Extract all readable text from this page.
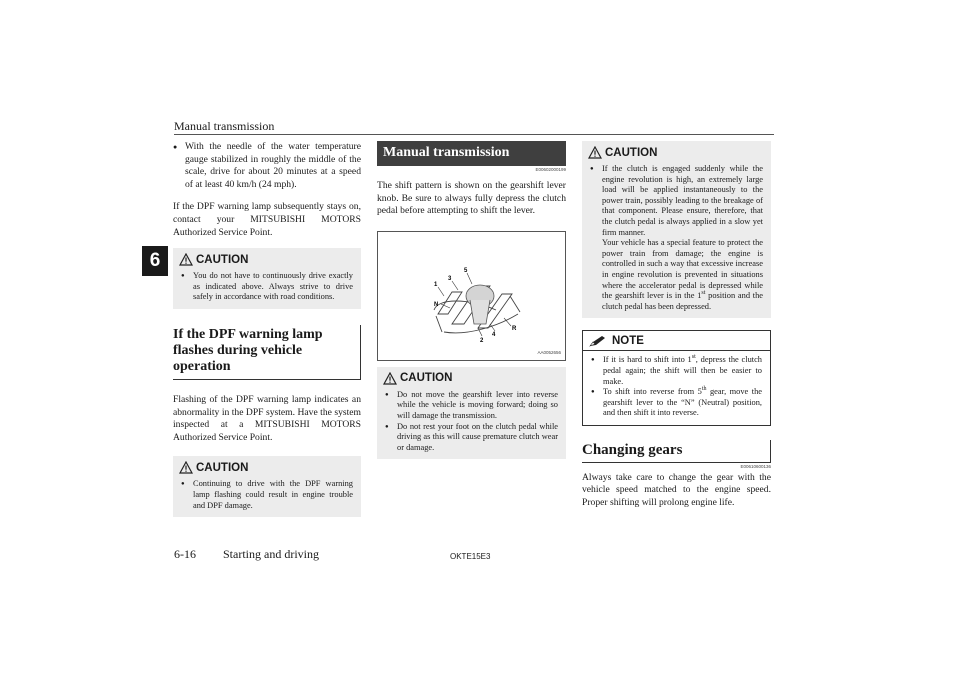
Manual transmission
6
● With the needle of the water temperature gauge stabilized in roughly the middle of the scale, drive for about 20 minutes at a speed of at least 40 km/h (24 mph).

If the DPF warning lamp subsequently stays on, contact your MITSUBISHI MOTORS Authorized Service Point.

CAUTION
● You do not have to continuously drive exactly as indicated above. Always strive to drive safely in accordance with road conditions.

If the DPF warning lamp flashes during vehicle operation

Flashing of the DPF warning lamp indicates an abnormality in the DPF system. Have the system inspected at a MITSUBISHI MOTORS Authorized Service Point.

CAUTION
● Continuing to drive with the DPF warning lamp flashing could result in engine trouble and DPF damage.

Manual transmission
E00602000199

The shift pattern is shown on the gearshift lever knob. Be sure to always fully depress the clutch pedal before attempting to shift the lever.

1
3
5
N
2
4
R
AA0052656
CAUTION
● Do not move the gearshift lever into reverse while the vehicle is moving forward; doing so will damage the transmission.

● Do not rest your foot on the clutch pedal while driving as this will cause premature clutch wear or damage.

CAUTION
● If the clutch is engaged suddenly while the engine revolution is high, an extremely large load will be applied instantaneously to the power train, possibly leading to the breakage of that component. Please ensure, therefore, that the clutch pedal is always applied in a slow yet firm manner.

Your vehicle has a special feature to protect the power train from damage; the engine is controlled in such a way that excessive increase in engine revolution is prevented in situations where the accelerator pedal is depressed while the gearshift lever is in the 1st position and the clutch pedal has been depressed.

NOTE
● If it is hard to shift into 1st, depress the clutch pedal again; the shift will then be easier to make.

● To shift into reverse from 5th gear, move the gearshift lever to the “N” (Neutral) position, and then shift it into reverse.

Changing gears
E00610600136

Always take care to change the gear with the vehicle speed matched to the engine speed. Proper shifting will prolong engine life.

6-16 Starting and driving	OKTE15E3
